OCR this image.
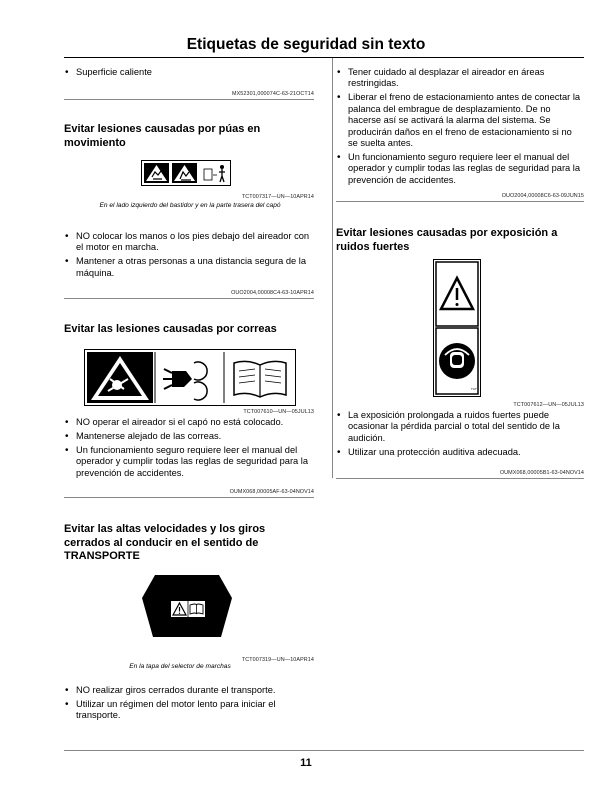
Etiquetas de seguridad sin texto
• Superficie caliente
MX52301,000074C-63-21OCT14
Evitar lesiones causadas por púas en movimiento
TCT007317—UN—10APR14
En el lado izquierdo del bastidor y en la parte trasera del capó
• NO colocar los manos o los pies debajo del aireador con el motor en marcha.
• Mantener a otras personas a una distancia segura de la máquina.
OUO2004,00008C4-63-10APR14
Evitar las lesiones causadas por correas
TCT007610—UN—05JUL13
• NO operar el aireador si el capó no está colocado.
• Mantenerse alejado de las correas.
• Un funcionamiento seguro requiere leer el manual del operador y cumplir todas las reglas de seguridad para la prevención de accidentes.
OUMX068,00005AF-63-04NOV14
Evitar las altas velocidades y los giros cerrados al conducir en el sentido de TRANSPORTE
TCT007319—UN—10APR14
En la tapa del selector de marchas
• NO realizar giros cerrados durante el transporte.
• Utilizar un régimen del motor lento para iniciar el transporte.
• Tener cuidado al desplazar el aireador en áreas restringidas.
• Liberar el freno de estacionamiento antes de conectar la palanca del embrague de desplazamiento. De no hacerse así se activará la alarma del sistema. Se producirán daños en el freno de estacionamiento si no se suelta antes.
• Un funcionamiento seguro requiere leer el manual del operador y cumplir todas las reglas de seguridad para la prevención de accidentes.
OUO2004,00008C6-63-09JUN15
Evitar lesiones causadas por exposición a ruidos fuertes
TCT
TCT007612—UN—05JUL13
• La exposición prolongada a ruidos fuertes puede ocasionar la pérdida parcial o total del sentido de la audición.
• Utilizar una protección auditiva adecuada.
OUMX068,00005B1-63-04NOV14
11
